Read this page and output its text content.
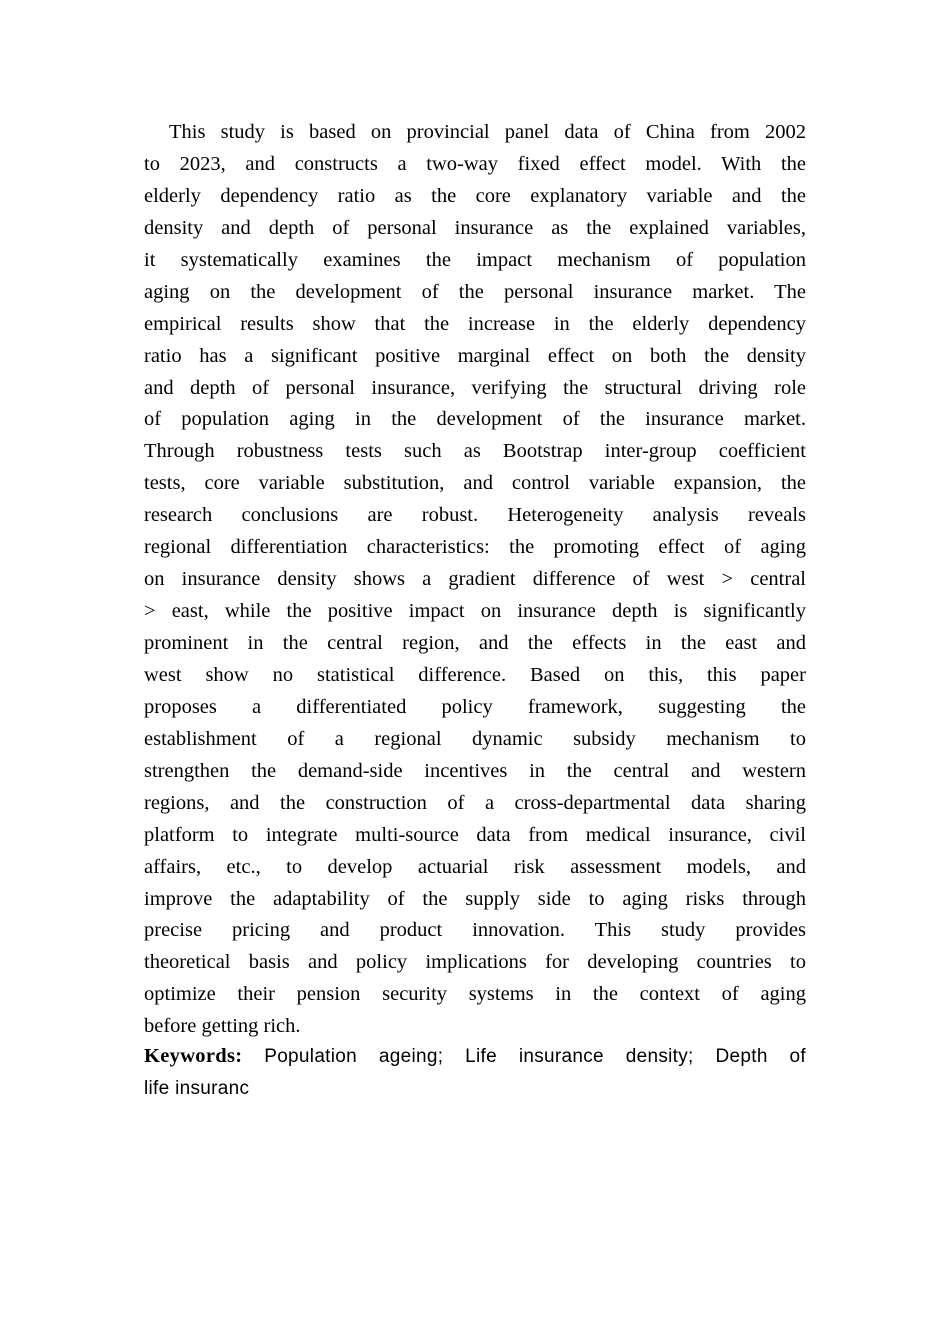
This study is based on provincial panel data of China from 2002
to 2023, and constructs a two-way fixed effect model. With the
elderly dependency ratio as the core explanatory variable and the
density and depth of personal insurance as the explained variables,
it systematically examines the impact mechanism of population
aging on the development of the personal insurance market. The
empirical results show that the increase in the elderly dependency
ratio has a significant positive marginal effect on both the density
and depth of personal insurance, verifying the structural driving role
of population aging in the development of the insurance market.
Through robustness tests such as Bootstrap inter-group coefficient
tests, core variable substitution, and control variable expansion, the
research conclusions are robust. Heterogeneity analysis reveals
regional differentiation characteristics: the promoting effect of aging
on insurance density shows a gradient difference of west > central
> east, while the positive impact on insurance depth is significantly
prominent in the central region, and the effects in the east and
west show no statistical difference. Based on this, this paper
proposes a differentiated policy framework, suggesting the
establishment of a regional dynamic subsidy mechanism to
strengthen the demand-side incentives in the central and western
regions, and the construction of a cross-departmental data sharing
platform to integrate multi-source data from medical insurance, civil
affairs, etc., to develop actuarial risk assessment models, and
improve the adaptability of the supply side to aging risks through
precise pricing and product innovation. This study provides
theoretical basis and policy implications for developing countries to
optimize their pension security systems in the context of aging
before getting rich.
Keywords: Population ageing; Life insurance density; Depth of
life insuranc
